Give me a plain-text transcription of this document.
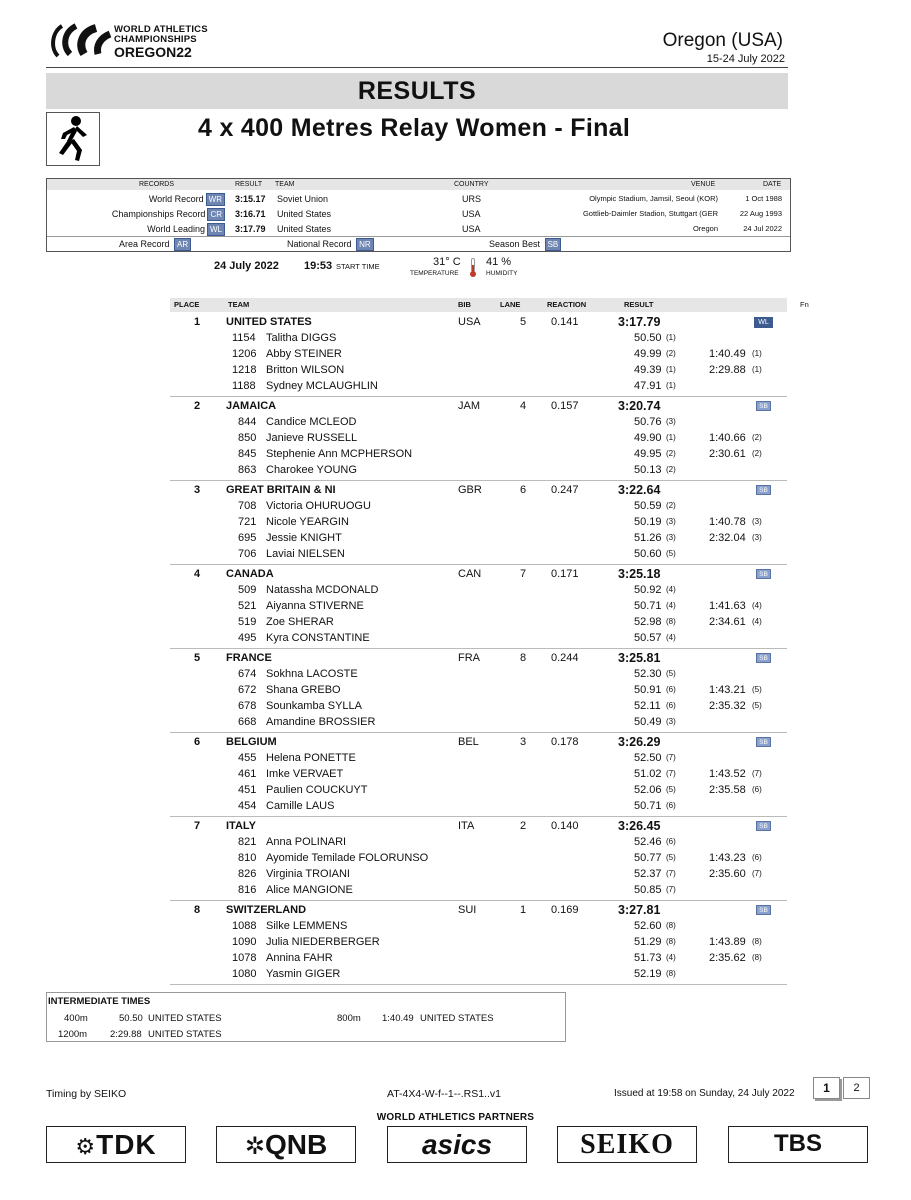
WORLD ATHLETICS
CHAMPIONSHIPS
OREGON22
Oregon (USA)
15-24 July 2022
RESULTS
4 x 400 Metres Relay Women - Final
RECORDS	RESULT TEAM	COUNTRY	VENUE	DATE
World Record WR	3:15.17 Soviet Union	URS	Olympic Stadium, Jamsil, Seoul (KOR)	1 Oct 1988
Championships Record CR	3:16.71 United States	USA	Gottlieb-Daimler Stadion, Stuttgart (GER	22 Aug 1993
World Leading WL	3:17.79 United States	USA	Oregon	24 Jul 2022
Area Record AR	National Record NR	Season Best SB
24 July 2022 19:53 START TIME	31° C
TEMPERATURE
41 %
HUMIDITY
PLACE	TEAM	BIB	LANE	REACTION	RESULT	Fn
1 UNITED STATES	USA	5 0.141	3:17.79	WL
1154 Talitha DIGGS	50.50 (1)
1206 Abby STEINER	49.99 (2)	1:40.49 (1)
1218 Britton WILSON	49.39 (1)	2:29.88 (1)
1188 Sydney MCLAUGHLIN	47.91 (1)
2 JAMAICA	JAM	4 0.157	3:20.74	SB
844 Candice MCLEOD	50.76 (3)
850 Janieve RUSSELL	49.90 (1)	1:40.66 (2)
845 Stephenie Ann MCPHERSON	49.95 (2)	2:30.61 (2)
863 Charokee YOUNG	50.13 (2)
3 GREAT BRITAIN & NI	GBR	6 0.247	3:22.64	SB
708 Victoria OHURUOGU	50.59 (2)
721 Nicole YEARGIN	50.19 (3)	1:40.78 (3)
695 Jessie KNIGHT	51.26 (3)	2:32.04 (3)
706 Laviai NIELSEN	50.60 (5)
4 CANADA	CAN	7 0.171	3:25.18	SB
509 Natassha MCDONALD	50.92 (4)
521 Aiyanna STIVERNE	50.71 (4)	1:41.63 (4)
519 Zoe SHERAR	52.98 (8)	2:34.61 (4)
495 Kyra CONSTANTINE	50.57 (4)
5 FRANCE	FRA	8 0.244	3:25.81	SB
674 Sokhna LACOSTE	52.30 (5)
672 Shana GREBO	50.91 (6)	1:43.21 (5)
678 Sounkamba SYLLA	52.11 (6)	2:35.32 (5)
668 Amandine BROSSIER	50.49 (3)
6 BELGIUM	BEL	3 0.178	3:26.29	SB
455 Helena PONETTE	52.50 (7)
461 Imke VERVAET	51.02 (7)	1:43.52 (7)
451 Paulien COUCKUYT	52.06 (5)	2:35.58 (6)
454 Camille LAUS	50.71 (6)
7 ITALY	ITA	2 0.140	3:26.45	SB
821 Anna POLINARI	52.46 (6)
810 Ayomide Temilade FOLORUNSO	50.77 (5)	1:43.23 (6)
826 Virginia TROIANI	52.37 (7)	2:35.60 (7)
816 Alice MANGIONE	50.85 (7)
8 SWITZERLAND	SUI	1 0.169	3:27.81	SB
1088 Silke LEMMENS	52.60 (8)
1090 Julia NIEDERBERGER	51.29 (8)	1:43.89 (8)
1078 Annina FAHR	51.73 (4)	2:35.62 (8)
1080 Yasmin GIGER	52.19 (8)
INTERMEDIATE TIMES
400m	50.50 UNITED STATES	800m 1:40.49 UNITED STATES
1200m 2:29.88 UNITED STATES
Timing by SEIKO	AT-4X4-W-f--1--.RS1..v1	Issued at 19:58 on Sunday, 24 July 2022	1	2
WORLD ATHLETICS PARTNERS
⚙TDK	✲QNB	asics	SEIKO	TBS
